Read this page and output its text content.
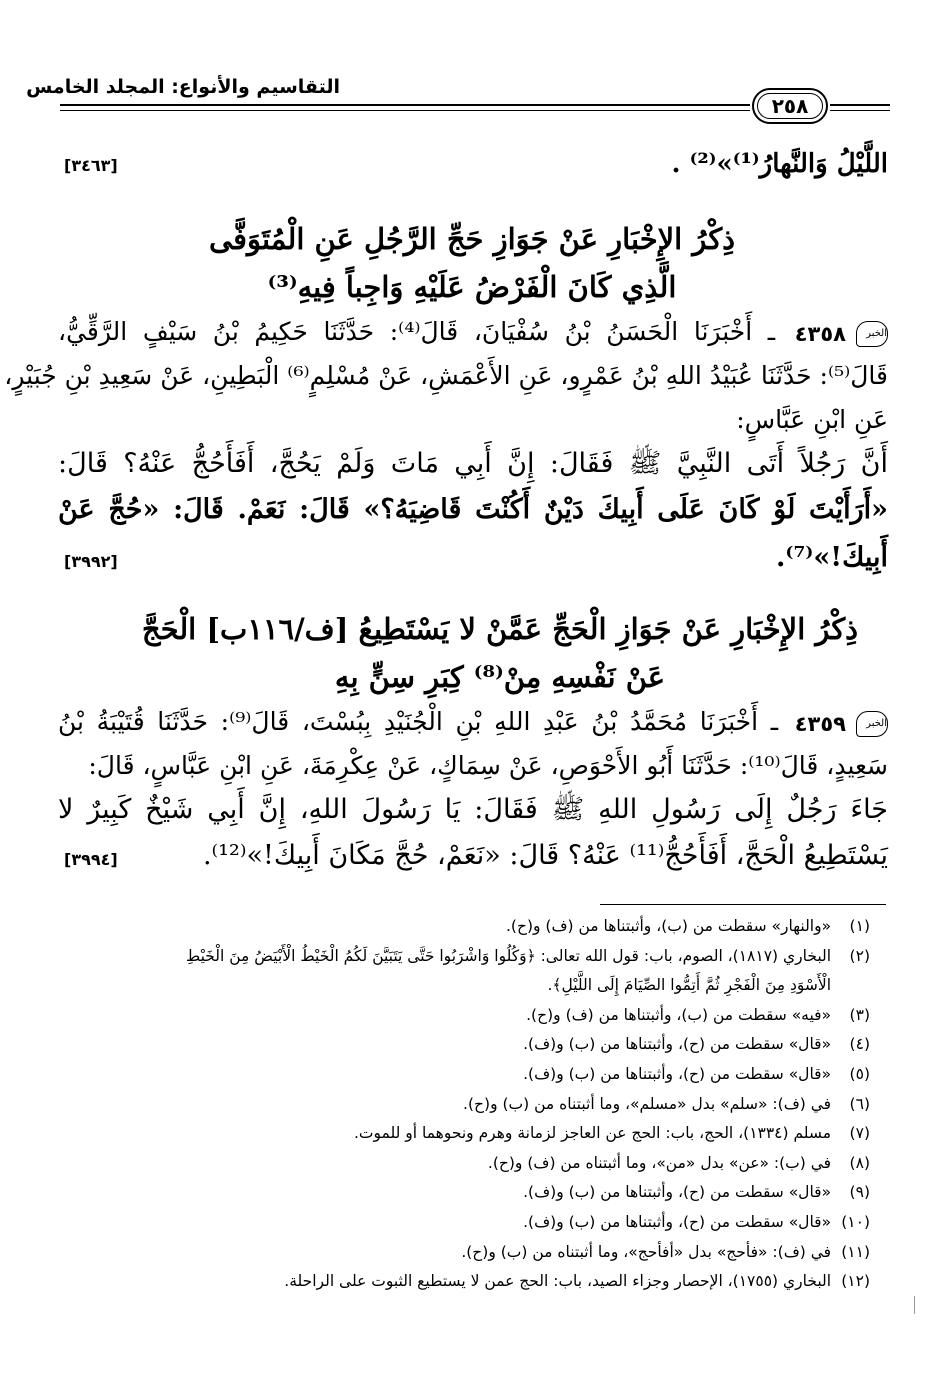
التقاسيم والأنواع: المجلد الخامس
٢٥٨
اللَّيْلُ وَالنَّهارُ⁽¹⁾»⁽²⁾ .
[٣٤٦٣]
ذِكْرُ الإِخْبَارِ عَنْ جَوَازِ حَجِّ الرَّجُلِ عَنِ الْمُتَوَفَّى
الَّذِي كَانَ الْفَرْضُ عَلَيْهِ وَاجِباً فِيهِ⁽³⁾
الخبر٤٣٥٨ ـ أَخْبَرَنَا الْحَسَنُ بْنُ سُفْيَانَ، قَالَ⁽⁴⁾: حَدَّثَنَا حَكِيمُ بْنُ سَيْفٍ الرَّقِّيُّ،
قَالَ⁽⁵⁾: حَدَّثَنَا عُبَيْدُ اللهِ بْنُ عَمْرٍو، عَنِ الأَعْمَشِ، عَنْ مُسْلِمٍ⁽⁶⁾ الْبَطِينِ، عَنْ سَعِيدِ بْنِ جُبَيْرٍ،
عَنِ ابْنِ عَبَّاسٍ:
أَنَّ رَجُلاً أَتَى النَّبِيَّ ﷺ فَقَالَ: إِنَّ أَبِي مَاتَ وَلَمْ يَحُجَّ، أَفَأَحُجُّ عَنْهُ؟ قَالَ:
«أَرَأَيْتَ لَوْ كَانَ عَلَى أَبِيكَ دَيْنٌ أَكُنْتَ قَاضِيَهُ؟» قَالَ: نَعَمْ. قَالَ: «حُجَّ عَنْ
أَبِيكَ!»⁽⁷⁾.
[٣٩٩٢]
ذِكْرُ الإِخْبَارِ عَنْ جَوَازِ الْحَجِّ عَمَّنْ لا يَسْتَطِيعُ [ف/١١٦ب] الْحَجَّ
عَنْ نَفْسِهِ مِنْ⁽⁸⁾ كِبَرِ سِنٍّ بِهِ
الخبر٤٣٥٩ ـ أَخْبَرَنَا مُحَمَّدُ بْنُ عَبْدِ اللهِ بْنِ الْجُنَيْدِ بِبُسْتَ، قَالَ⁽⁹⁾: حَدَّثَنَا قُتَيْبَةُ بْنُ
سَعِيدٍ، قَالَ⁽¹⁰⁾: حَدَّثَنَا أَبُو الأَحْوَصِ، عَنْ سِمَاكٍ، عَنْ عِكْرِمَةَ، عَنِ ابْنِ عَبَّاسٍ، قَالَ:
جَاءَ رَجُلٌ إِلَى رَسُولِ اللهِ ﷺ فَقَالَ: يَا رَسُولَ اللهِ، إِنَّ أَبِي شَيْخٌ كَبِيرٌ لا
يَسْتَطِيعُ الْحَجَّ، أَفَأَحُجُّ⁽¹¹⁾ عَنْهُ؟ قَالَ: «نَعَمْ، حُجَّ مَكَانَ أَبِيكَ!»⁽¹²⁾.
[٣٩٩٤]
(١) «والنهار» سقطت من (ب)، وأثبتناها من (ف) و(ح).
(٢) البخاري (١٨١٧)، الصوم، باب: قول الله تعالى: ﴿وَكُلُوا وَاشْرَبُوا حَتَّى يَتَبَيَّنَ لَكُمُ الْخَيْطُ الْأَبْيَضُ مِنَ الْخَيْطِ
الْأَسْوَدِ مِنَ الْفَجْرِ ثُمَّ أَتِمُّوا الصِّيَامَ إِلَى اللَّيْلِ﴾.
(٣) «فيه» سقطت من (ب)، وأثبتناها من (ف) و(ح).
(٤) «قال» سقطت من (ح)، وأثبتناها من (ب) و(ف).
(٥) «قال» سقطت من (ح)، وأثبتناها من (ب) و(ف).
(٦) في (ف): «سلم» بدل «مسلم»، وما أثبتناه من (ب) و(ح).
(٧) مسلم (١٣٣٤)، الحج، باب: الحج عن العاجز لزمانة وهرم ونحوهما أو للموت.
(٨) في (ب): «عن» بدل «من»، وما أثبتناه من (ف) و(ح).
(٩) «قال» سقطت من (ح)، وأثبتناها من (ب) و(ف).
(١٠) «قال» سقطت من (ح)، وأثبتناها من (ب) و(ف).
(١١) في (ف): «فأحج» بدل «أفأحج»، وما أثبتناه من (ب) و(ح).
(١٢) البخاري (١٧٥٥)، الإحصار وجزاء الصيد، باب: الحج عمن لا يستطيع الثبوت على الراحلة.
